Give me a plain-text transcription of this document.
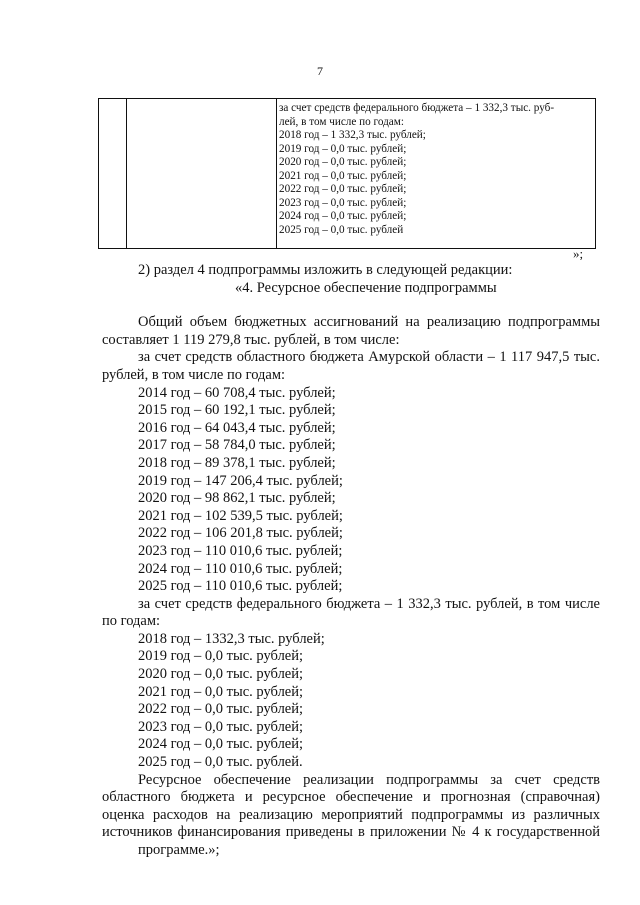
7
за счет средств федерального бюджета – 1 332,3 тыс. руб-
лей, в том числе по годам:
2018 год – 1 332,3 тыс. рублей;
2019 год – 0,0 тыс. рублей;
2020 год – 0,0 тыс. рублей;
2021 год – 0,0 тыс. рублей;
2022 год – 0,0 тыс. рублей;
2023 год – 0,0 тыс. рублей;
2024 год – 0,0 тыс. рублей;
2025 год – 0,0 тыс. рублей
»;
2) раздел 4 подпрограммы изложить в следующей редакции:
«4. Ресурсное обеспечение подпрограммы
Общий объем бюджетных ассигнований на реализацию подпрограммы
составляет 1 119 279,8 тыс. рублей, в том числе:
за счет средств областного бюджета Амурской области – 1 117 947,5 тыс.
рублей, в том числе по годам:
2014 год – 60 708,4 тыс. рублей;
2015 год – 60 192,1 тыс. рублей;
2016 год – 64 043,4 тыс. рублей;
2017 год – 58 784,0 тыс. рублей;
2018 год – 89 378,1 тыс. рублей;
2019 год – 147 206,4 тыс. рублей;
2020 год – 98 862,1 тыс. рублей;
2021 год – 102 539,5 тыс. рублей;
2022 год – 106 201,8 тыс. рублей;
2023 год – 110 010,6 тыс. рублей;
2024 год – 110 010,6 тыс. рублей;
2025 год – 110 010,6 тыс. рублей;
за счет средств федерального бюджета – 1 332,3 тыс. рублей, в том числе
по годам:
2018 год – 1332,3 тыс. рублей;
2019 год – 0,0 тыс. рублей;
2020 год – 0,0 тыс. рублей;
2021 год – 0,0 тыс. рублей;
2022 год – 0,0 тыс. рублей;
2023 год – 0,0 тыс. рублей;
2024 год – 0,0 тыс. рублей;
2025 год – 0,0 тыс. рублей.
Ресурсное обеспечение реализации подпрограммы за счет средств
областного бюджета и ресурсное обеспечение и прогнозная (справочная)
оценка расходов на реализацию мероприятий подпрограммы из различных
источников финансирования приведены в приложении № 4 к государственной
программе.»;
